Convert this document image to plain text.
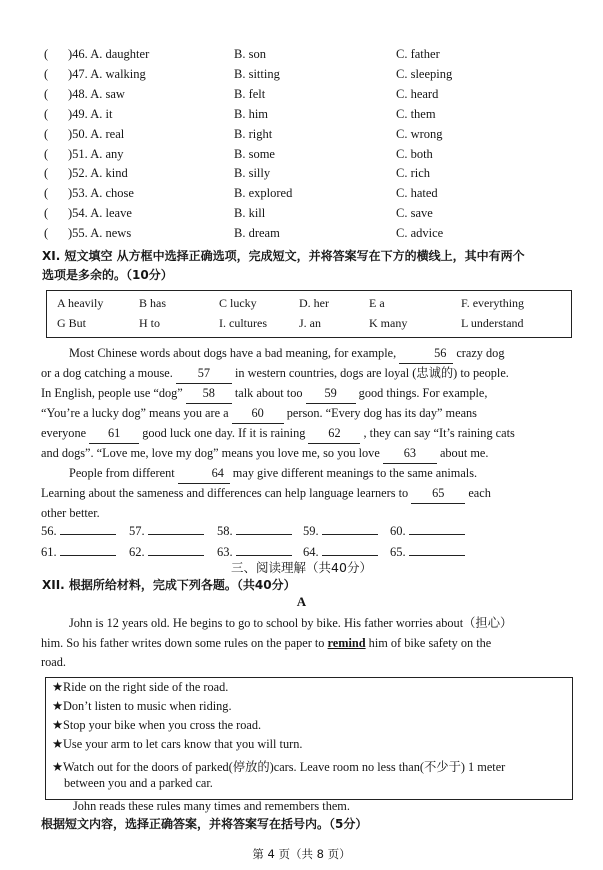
( )46. A. daughter	B. son	C. father
( )47. A. walking	B. sitting	C. sleeping
( )48. A. saw	B. felt	C. heard
( )49. A. it	B. him	C. them
( )50. A. real	B. right	C. wrong
( )51. A. any	B. some	C. both
( )52. A. kind	B. silly	C. rich
( )53. A. chose	B. explored	C. hated
( )54. A. leave	B. kill	C. save
( )55. A. news	B. dream	C. advice
XI. 短文填空 从方框中选择正确选项，完成短文，并将答案写在下方的横线上，其中有两个
选项是多余的。（10分）
A heavily	B has	C lucky	D. her	E a	F. everything
G But	H to	I. cultures	J. an	K many	L understand
Most Chinese words about dogs have a bad meaning, for example,	56 crazy dog
or a dog catching a mouse. 57 in western countries, dogs are loyal (忠诚的) to people.
In English, people use “dog” 58 talk about too 59 good things. For example,
“You’re a lucky dog” means you are a 60 person. “Every dog has its day” means
everyone 61 good luck one day. If it is raining 62 , they can say “It’s raining cats
and dogs”. “Love me, love my dog” means you love me, so you love 63 about me.
People from different	64 may give different meanings to the same animals.
Learning about the sameness and differences can help language learners to 65 each
other better.
56.	57.	58.	59.	60.
61.	62.	63.	64.	65.
三、阅读理解（共40分）
XII. 根据所给材料，完成下列各题。（共40分）
A
John is 12 years old. He begins to go to school by bike. His father worries about（担心）
him. So his father writes down some rules on the paper to remind him of bike safety on the
road.
★Ride on the right side of the road.
★Don’t listen to music when riding.
★Stop your bike when you cross the road.
★Use your arm to let cars know that you will turn.
★Watch out for the doors of parked(停放的)cars. Leave room no less than(不少于) 1 meter
between you and a parked car.
John reads these rules many times and remembers them.
根据短文内容，选择正确答案，并将答案写在括号内。（5分）
第 4 页（共 8 页）
